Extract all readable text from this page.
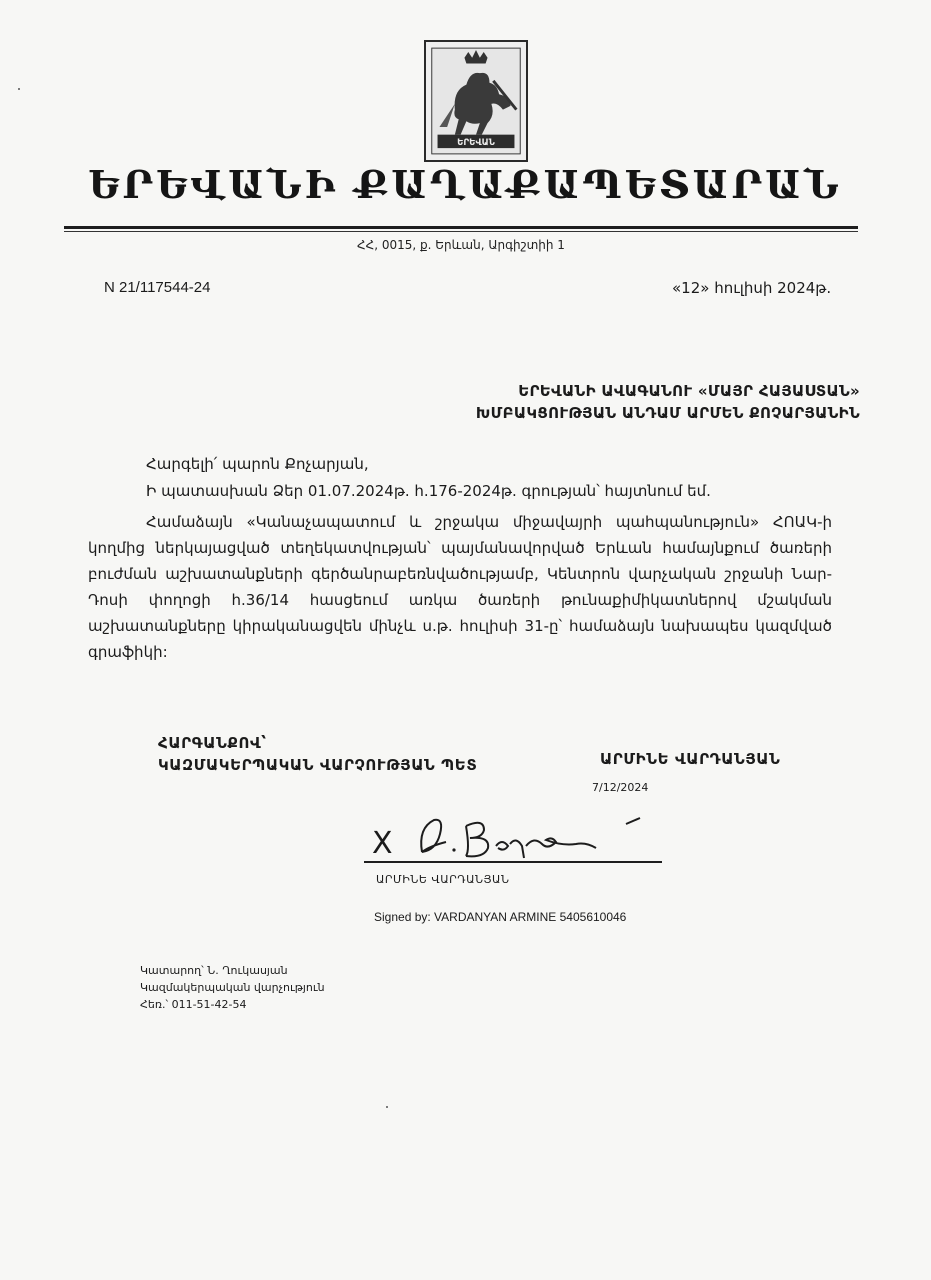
ԵՐԵՎԱՆ
ԵՐԵՎԱՆԻ ՔԱՂԱՔԱՊԵՏԱՐԱՆ
ՀՀ, 0015, ք. Երևան, Արգիշտիի 1
N 21/117544-24	«12» հուլիսի 2024թ.
ԵՐԵՎԱՆԻ ԱՎԱԳԱՆՈՒ «ՄԱՅՐ ՀԱՅԱՍՏԱՆ»
ԽՄԲԱԿՑՈՒԹՅԱՆ ԱՆԴԱՄ ԱՐՄԵՆ ՔՈՉԱՐՅԱՆԻՆ
Հարգելի՛ պարոն Քոչարյան,
Ի պատասխան Ձեր 01.07.2024թ. հ.176-2024թ. գրության՝ հայտնում եմ.
Համաձայն «Կանաչապատում և շրջակա միջավայրի պահպանություն» ՀՈԱԿ-ի կողմից ներկայացված տեղեկատվության՝ պայմանավորված Երևան համայնքում ծառերի բուժման աշխատանքների գերծանրաբեռնվածությամբ, Կենտրոն վարչական շրջանի Նար-Դոսի փողոցի հ.36/14 հասցեում առկա ծառերի թունաքիմիկատներով մշակման աշխատանքները կիրականացվեն մինչև ս.թ. հուլիսի 31-ը՝ համաձայն նախապես կազմված գրաֆիկի:
ՀԱՐԳԱՆՔՈՎ՝
ԿԱԶՄԱԿԵՐՊԱԿԱՆ ՎԱՐՉՈՒԹՅԱՆ ՊԵՏ	ԱՐՄԻՆԵ ՎԱՐԴԱՆՅԱՆ
7/12/2024
X
ԱՐՄԻՆԵ ՎԱՐԴԱՆՅԱՆ
Signed by: VARDANYAN ARMINE 5405610046
Կատարող՝ Ն. Ղուկասյան
Կազմակերպական վարչություն
Հեռ.՝ 011-51-42-54
